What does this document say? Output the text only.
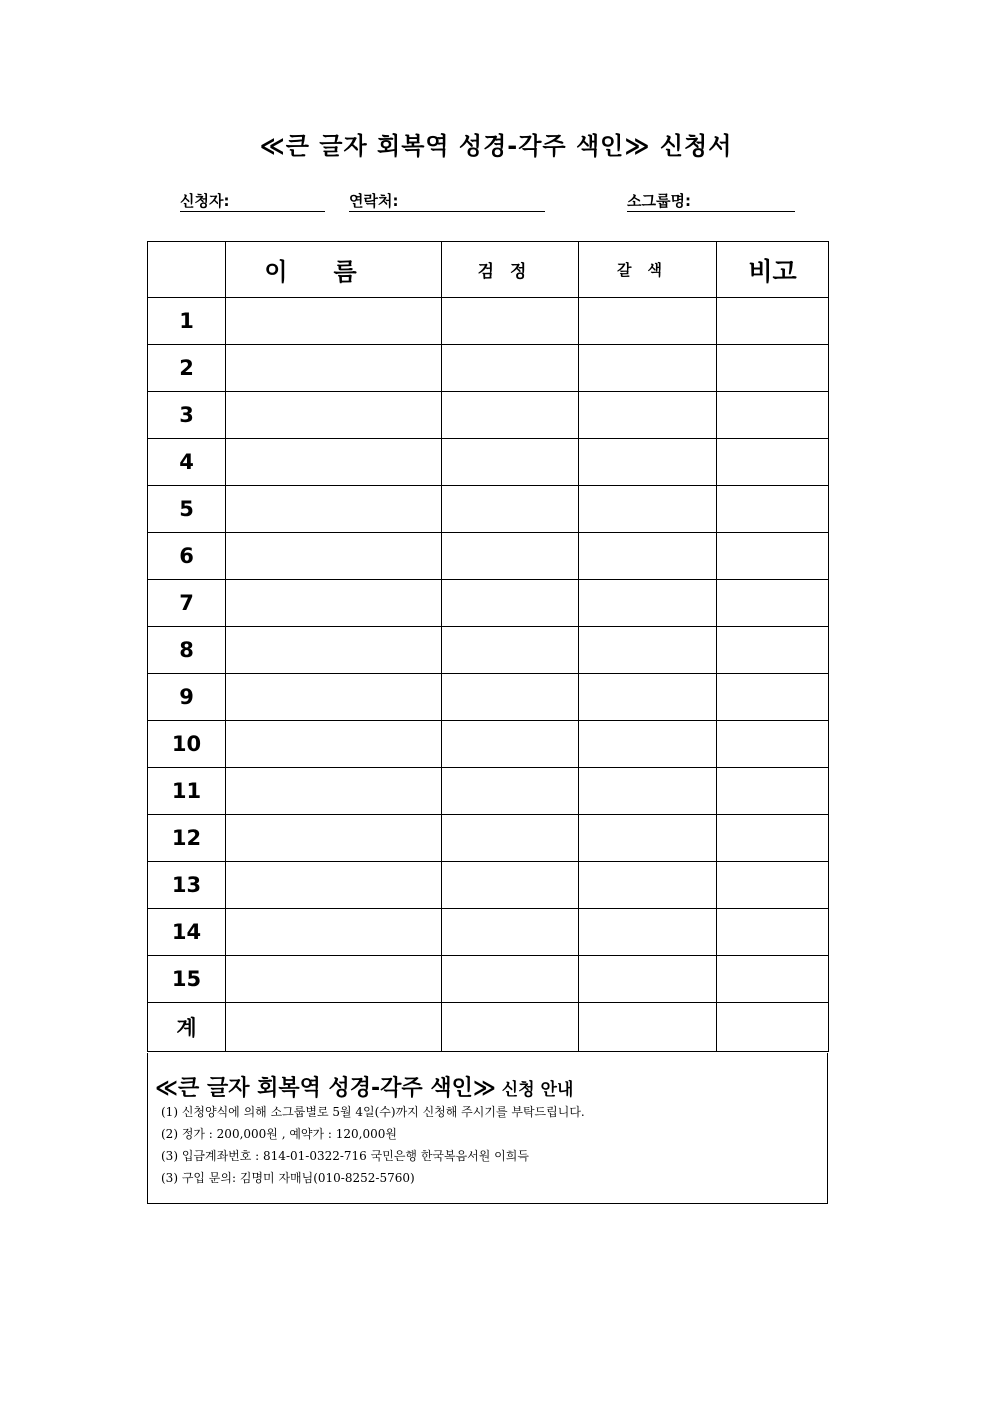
≪큰 글자 회복역 성경-각주 색인≫ 신청서
신청자:	연락처:	소그룹명:
	이름	검정	갈색	비고
1				
2				
3				
4				
5				
6				
7				
8				
9				
10				
11				
12				
13				
14				
15				
계				
≪큰 글자 회복역 성경-각주 색인≫ 신청 안내
(1) 신청양식에 의해 소그룹별로 5월 4일(수)까지 신청해 주시기를 부탁드립니다.
(2) 정가 : 200,000원 , 예약가 : 120,000원
(3) 입금계좌번호 : 814-01-0322-716 국민은행 한국복음서원 이희득
(3) 구입 문의: 김명미 자매님(010-8252-5760)
